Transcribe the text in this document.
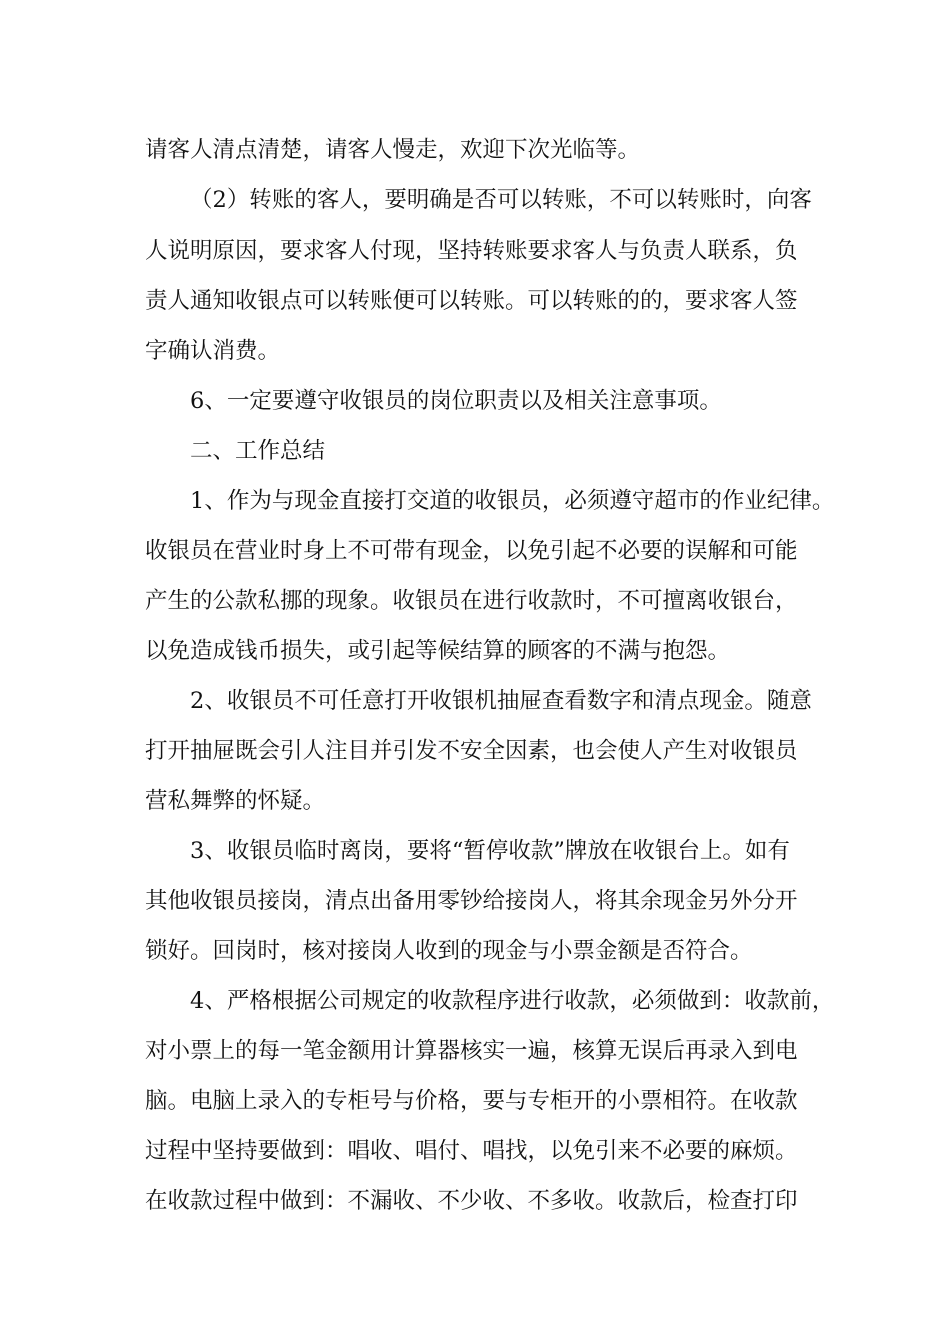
请客人清点清楚，请客人慢走，欢迎下次光临等。
（2）转账的客人，要明确是否可以转账，不可以转账时，向客
人说明原因，要求客人付现，坚持转账要求客人与负责人联系，负
责人通知收银点可以转账便可以转账。可以转账的的，要求客人签
字确认消费。
6、一定要遵守收银员的岗位职责以及相关注意事项。
二、工作总结
1、作为与现金直接打交道的收银员，必须遵守超市的作业纪律。
收银员在营业时身上不可带有现金，以免引起不必要的误解和可能
产生的公款私挪的现象。收银员在进行收款时，不可擅离收银台，
以免造成钱币损失，或引起等候结算的顾客的不满与抱怨。
2、收银员不可任意打开收银机抽屉查看数字和清点现金。随意
打开抽屉既会引人注目并引发不安全因素，也会使人产生对收银员
营私舞弊的怀疑。
3、收银员临时离岗，要将“暂停收款”牌放在收银台上。如有
其他收银员接岗，清点出备用零钞给接岗人，将其余现金另外分开
锁好。回岗时，核对接岗人收到的现金与小票金额是否符合。
4、严格根据公司规定的收款程序进行收款，必须做到：收款前，
对小票上的每一笔金额用计算器核实一遍，核算无误后再录入到电
脑。电脑上录入的专柜号与价格，要与专柜开的小票相符。在收款
过程中坚持要做到：唱收、唱付、唱找，以免引来不必要的麻烦。
在收款过程中做到：不漏收、不少收、不多收。收款后，检查打印
